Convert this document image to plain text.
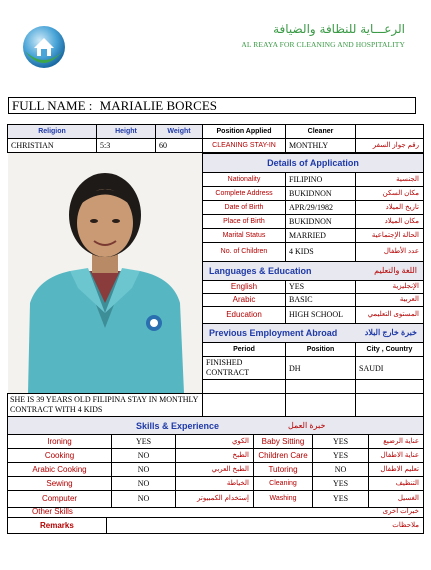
الرعـــاية للنظافة والضيافة
AL REAYA FOR CLEANING AND HOSPITALITY
FULL NAME : MARIALIE BORCES
Religion	Height	Weight	Position Applied	Cleaner
CHRISTIAN	5:3	60	CLEANING STAY-IN	MONTHLY	رقم جواز السفر
Details of Application
Nationality	FILIPINO	الجنسية
Complete Address	BUKIDNON	مكان السكن
Date of Birth	APR/29/1982	تاريخ الميلاد
Place of Birth	BUKIDNON	مكان الميلاد
Marital Status	MARRIED	الحالة الإجتماعية
No. of Children	4 KIDS	عدد الأطفال
Languages & Education	اللغة والتعليم
English	YES	الإنجليزية
Arabic	BASIC	العربية
Education	HIGH SCHOOL	المستوى التعليمي
Previous Employment Abroad	خبرة خارج البلاد
Period	Position	City , Country
FINISHED CONTRACT	DH	SAUDI
SHE IS 39 YEARS OLD FILIPINA STAY IN MONTHLY CONTRACT WITH 4 KIDS
Skills & Experience	خبرة العمل
Ironing	YES	الكوي	Baby Sitting	YES	عناية الرضيع
Cooking	NO	الطبخ	Children Care	YES	عناية الاطفال
Arabic Cooking	NO	الطبخ العربي	Tutoring	NO	تعليم الاطفال
Sewing	NO	الخياطة	Cleaning	YES	التنظيف
Computer	NO	إستخدام الكمبيوتر	Washing	YES	الغسيل
Other Skills	خبرات اخرى
Remarks	ملاحظات
